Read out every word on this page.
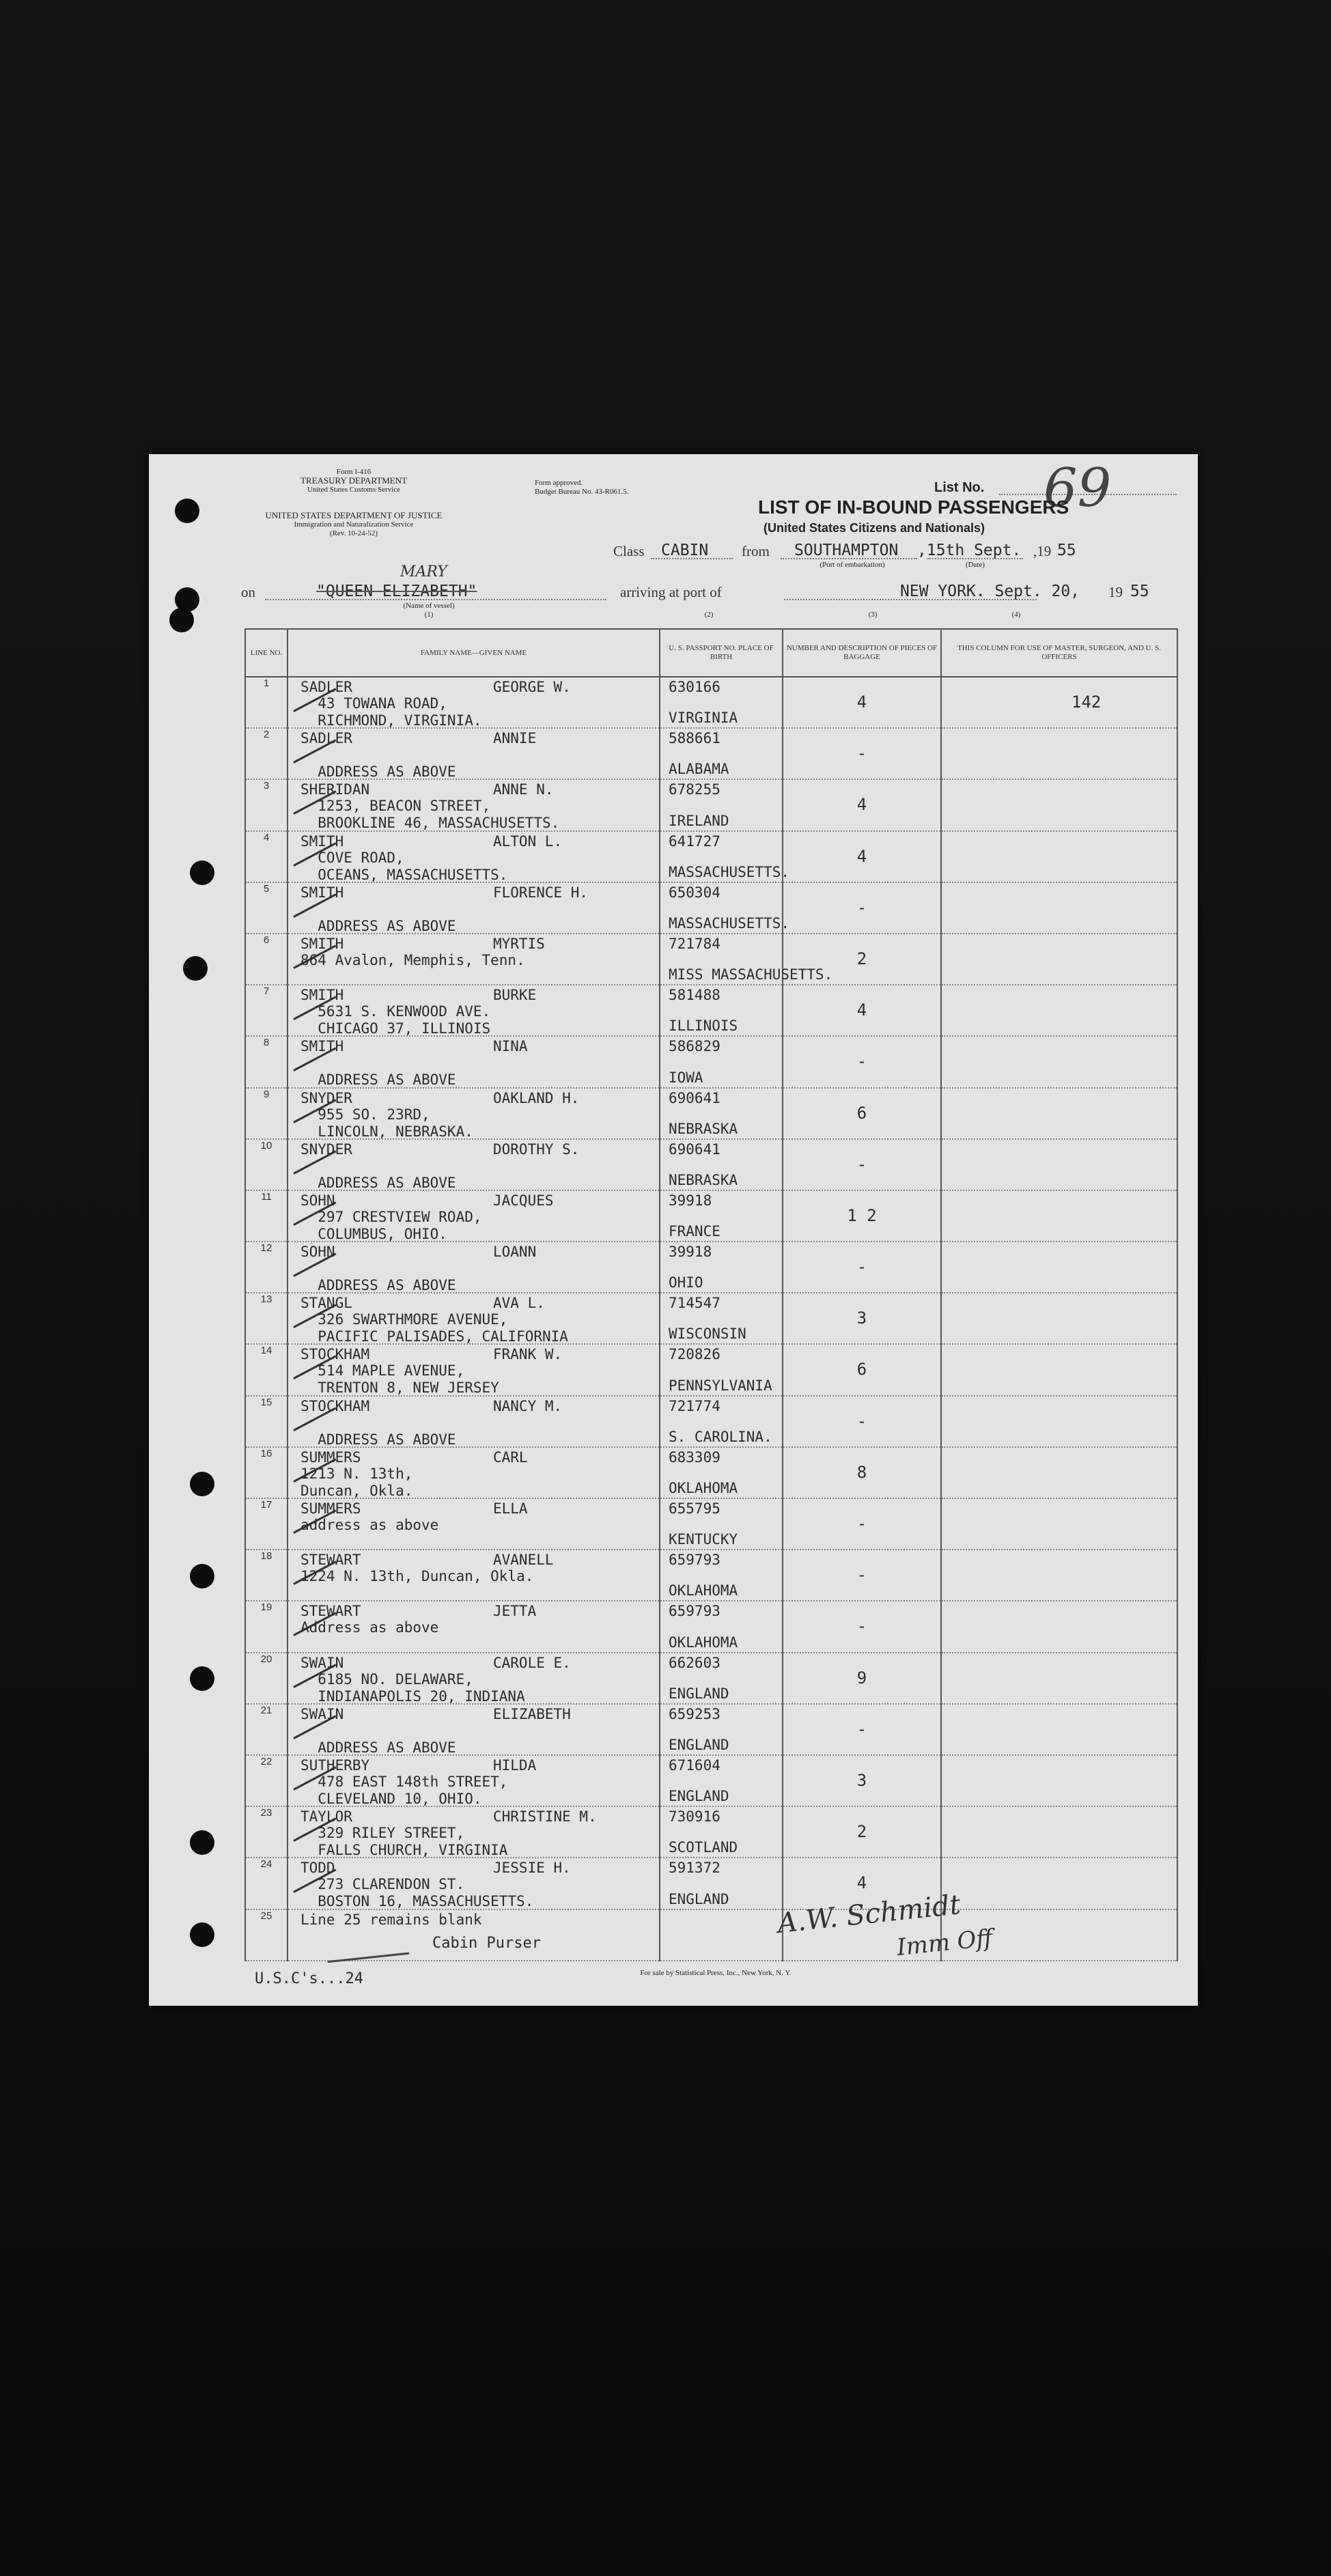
Form I-416
TREASURY DEPARTMENT
United States Customs Service
UNITED STATES DEPARTMENT OF JUSTICE
Immigration and Naturalization Service
(Rev. 10-24-52)
Form approved.
Budget Bureau No. 43-R061.5.	List No. 69
LIST OF IN-BOUND PASSENGERS
(United States Citizens and Nationals)
Class CABIN from SOUTHAMPTON
(Port of embarkation)
,15th Sept.
(Date)
,19 55
on	"QUEEN ELIZABETH"
MARY
(Name of vessel)
(1)
arriving at port of
(2)
NEW YORK. Sept. 20,
(3)
19 55
(4)
LINE NO.	FAMILY NAME—GIVEN NAME	U. S. PASSPORT NO. PLACE OF BIRTH	NUMBER AND DESCRIPTION OF PIECES OF BAGGAGE	THIS COLUMN FOR USE OF MASTER, SURGEON, AND U. S. OFFICERS
1	SADLER GEORGE W.
43 TOWANA ROAD,
RICHMOND, VIRGINIA.	630166
VIRGINIA	4	142

2	SADLER ANNIE

ADDRESS AS ABOVE	588661
ALABAMA	-	

3	SHERIDAN ANNE N.
1253, BEACON STREET,
BROOKLINE 46, MASSACHUSETTS.	678255
IRELAND	4	

4	SMITH ALTON L.
COVE ROAD,
OCEANS, MASSACHUSETTS.	641727
MASSACHUSETTS.	4	

5	SMITH FLORENCE H.

ADDRESS AS ABOVE	650304
MASSACHUSETTS.	-	

6	SMITH MYRTIS
864 Avalon, Memphis, Tenn.	721784
MISS MASSACHUSETTS.	2	

7	SMITH BURKE
5631 S. KENWOOD AVE.
CHICAGO 37, ILLINOIS	581488
ILLINOIS	4	

8	SMITH NINA

ADDRESS AS ABOVE	586829
IOWA	-	

9	SNYDER OAKLAND H.
955 SO. 23RD,
LINCOLN, NEBRASKA.	690641
NEBRASKA	6	

10	SNYDER DOROTHY S.

ADDRESS AS ABOVE	690641
NEBRASKA	-	

11	SOHN JACQUES
297 CRESTVIEW ROAD,
COLUMBUS, OHIO.	39918
FRANCE	1 2	

12	SOHN LOANN

ADDRESS AS ABOVE	39918
OHIO	-	

13	STANGL AVA L.
326 SWARTHMORE AVENUE,
PACIFIC PALISADES, CALIFORNIA	714547
WISCONSIN	3	

14	STOCKHAM FRANK W.
514 MAPLE AVENUE,
TRENTON 8, NEW JERSEY	720826
PENNSYLVANIA	6	

15	STOCKHAM NANCY M.

ADDRESS AS ABOVE	721774
S. CAROLINA.	-	

16	SUMMERS CARL
1213 N. 13th,
Duncan, Okla.	683309
OKLAHOMA	8	

17	SUMMERS ELLA
address as above	655795
KENTUCKY	-	

18	STEWART AVANELL
1224 N. 13th, Duncan, Okla.	659793
OKLAHOMA	-	

19	STEWART JETTA
Address as above	659793
OKLAHOMA	-	

20	SWAIN CAROLE E.
6185 NO. DELAWARE,
INDIANAPOLIS 20, INDIANA	662603
ENGLAND	9	

21	SWAIN ELIZABETH

ADDRESS AS ABOVE	659253
ENGLAND	-	

22	SUTHERBY HILDA
478 EAST 148th STREET,
CLEVELAND 10, OHIO.	671604
ENGLAND	3	

23	TAYLOR CHRISTINE M.
329 RILEY STREET,
FALLS CHURCH, VIRGINIA	730916
SCOTLAND	2	

24	TODD JESSIE H.
273 CLARENDON ST.
BOSTON 16, MASSACHUSETTS.	591372
ENGLAND	4	

25	Line 25 remains blank			

Cabin Purser
A.W. Schmidt
Imm Off
U.S.C's...24	For sale by Statistical Press, Inc., New York, N. Y.
